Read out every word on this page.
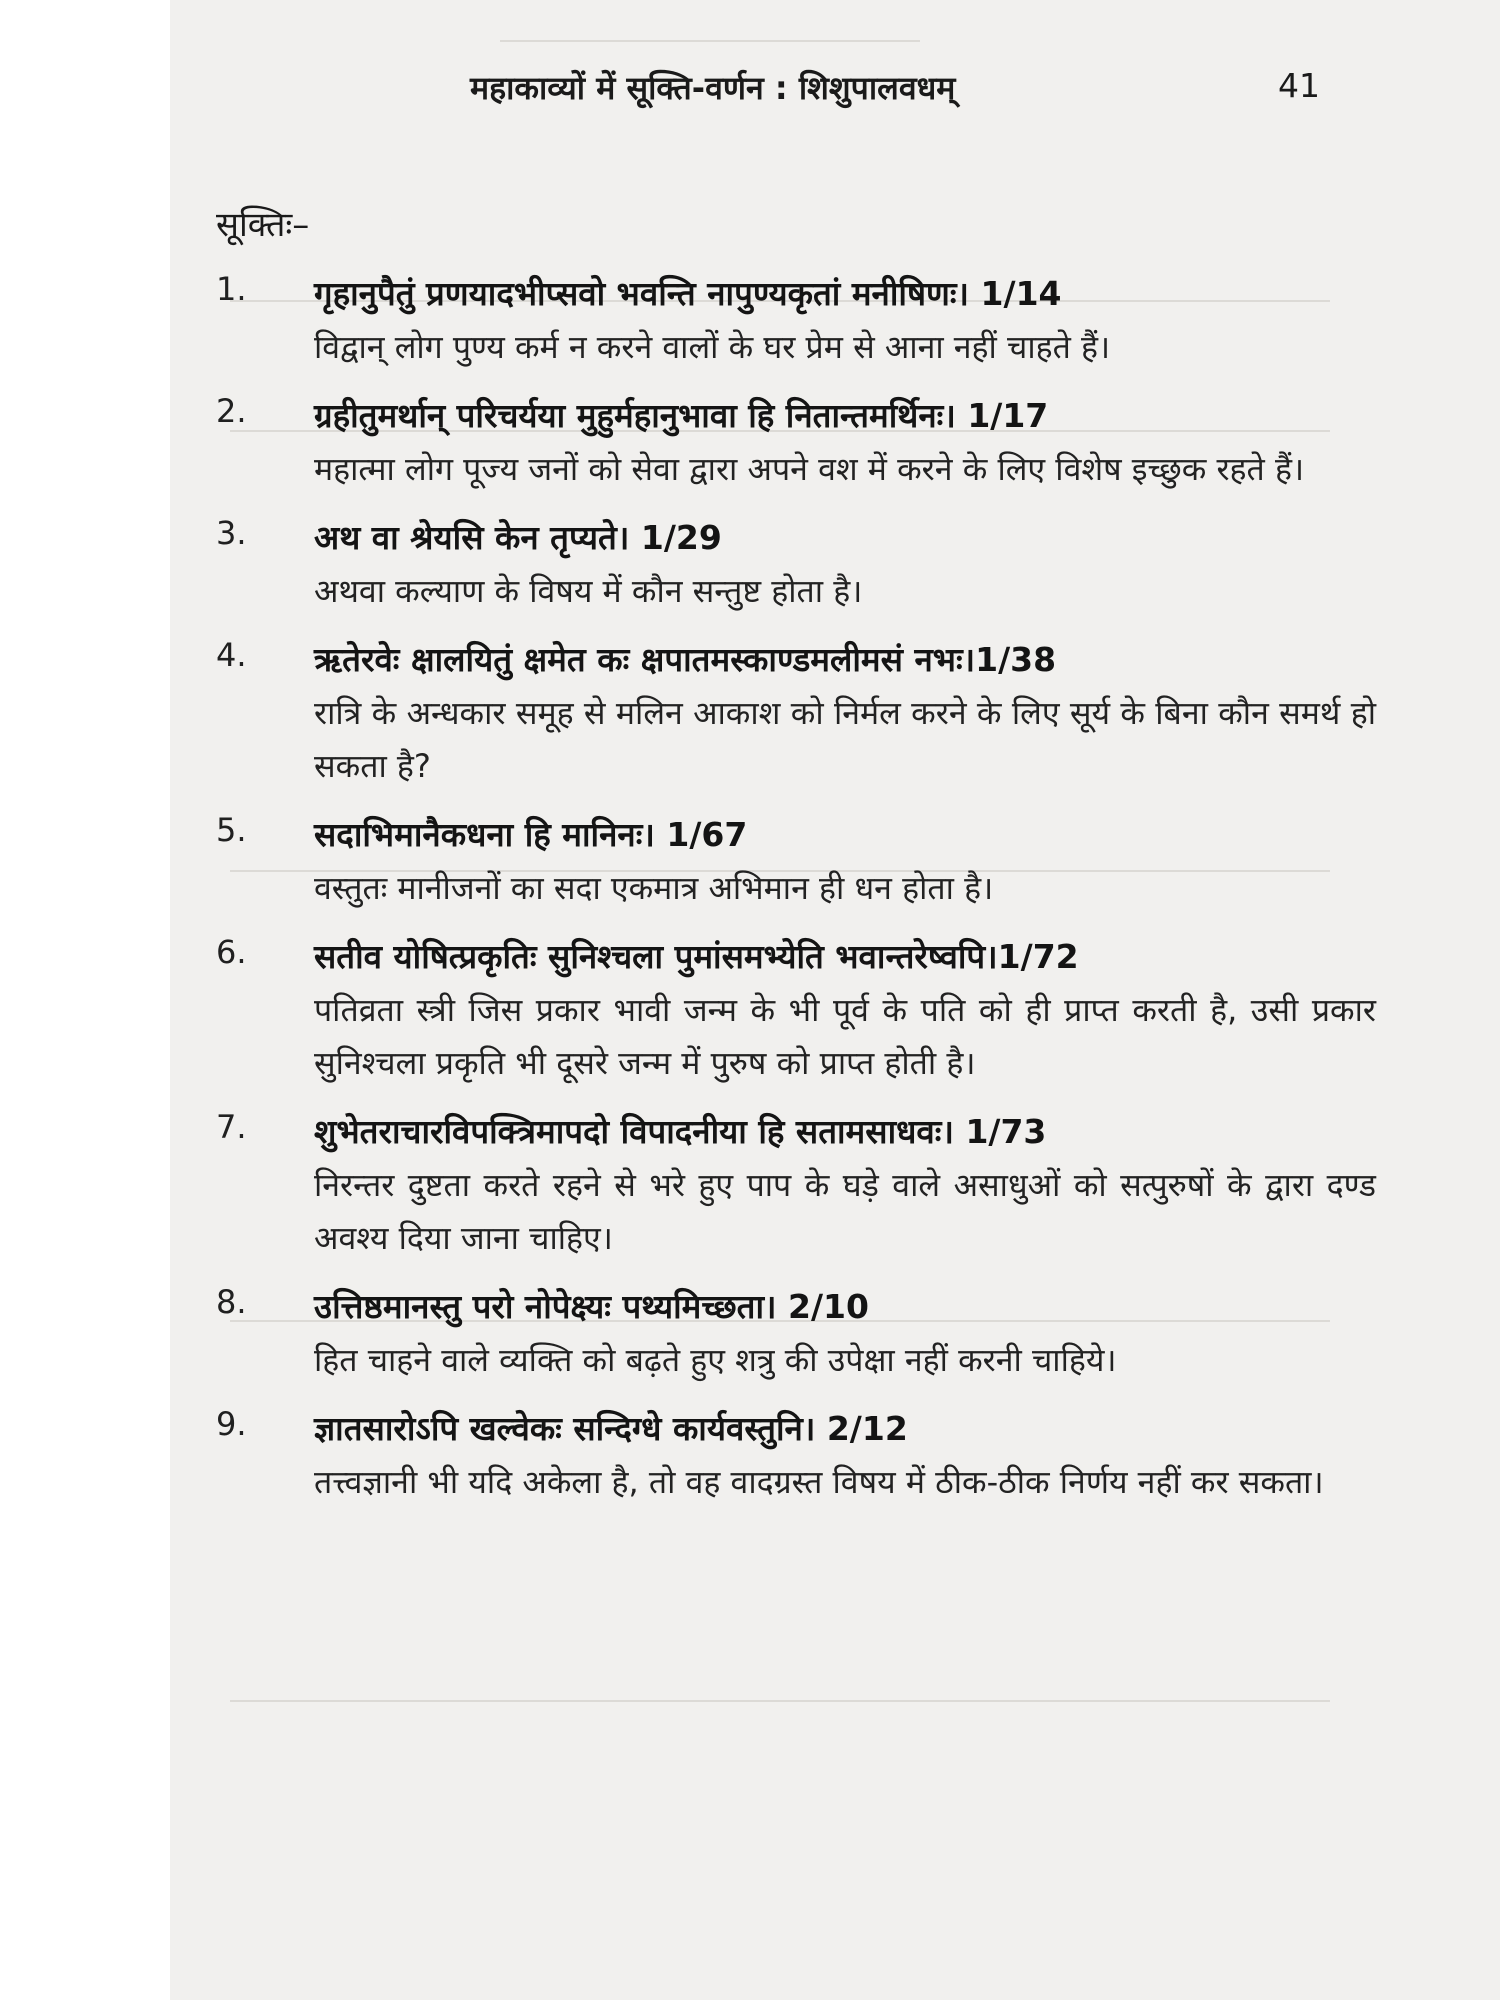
महाकाव्यों में सूक्ति-वर्णन : शिशुपालवधम्	41
सूक्तिः–
1. गृहानुपैतुं प्रणयादभीप्सवो भवन्ति नापुण्यकृतां मनीषिणः। 1/14
विद्वान् लोग पुण्य कर्म न करने वालों के घर प्रेम से आना नहीं चाहते हैं।
2. ग्रहीतुमर्थान् परिचर्यया मुहुर्महानुभावा हि नितान्तमर्थिनः। 1/17
महात्मा लोग पूज्य जनों को सेवा द्वारा अपने वश में करने के लिए विशेष इच्छुक रहते हैं।
3. अथ वा श्रेयसि केन तृप्यते। 1/29
अथवा कल्याण के विषय में कौन सन्तुष्ट होता है।
4. ऋतेरवेः क्षालयितुं क्षमेत कः क्षपातमस्काण्डमलीमसं नभः।1/38
रात्रि के अन्धकार समूह से मलिन आकाश को निर्मल करने के लिए सूर्य के बिना कौन समर्थ हो सकता है?
5. सदाभिमानैकधना हि मानिनः। 1/67
वस्तुतः मानीजनों का सदा एकमात्र अभिमान ही धन होता है।
6. सतीव योषित्प्रकृतिः सुनिश्चला पुमांसमभ्येति भवान्तरेष्वपि।1/72
पतिव्रता स्त्री जिस प्रकार भावी जन्म के भी पूर्व के पति को ही प्राप्त करती है, उसी प्रकार सुनिश्चला प्रकृति भी दूसरे जन्म में पुरुष को प्राप्त होती है।
7. शुभेतराचारविपक्त्रिमापदो विपादनीया हि सतामसाधवः। 1/73
निरन्तर दुष्टता करते रहने से भरे हुए पाप के घड़े वाले असाधुओं को सत्पुरुषों के द्वारा दण्ड अवश्य दिया जाना चाहिए।
8. उत्तिष्ठमानस्तु परो नोपेक्ष्यः पथ्यमिच्छता। 2/10
हित चाहने वाले व्यक्ति को बढ़ते हुए शत्रु की उपेक्षा नहीं करनी चाहिये।
9. ज्ञातसारोऽपि खल्वेकः सन्दिग्धे कार्यवस्तुनि। 2/12
तत्त्वज्ञानी भी यदि अकेला है, तो वह वादग्रस्त विषय में ठीक-ठीक निर्णय नहीं कर सकता।
